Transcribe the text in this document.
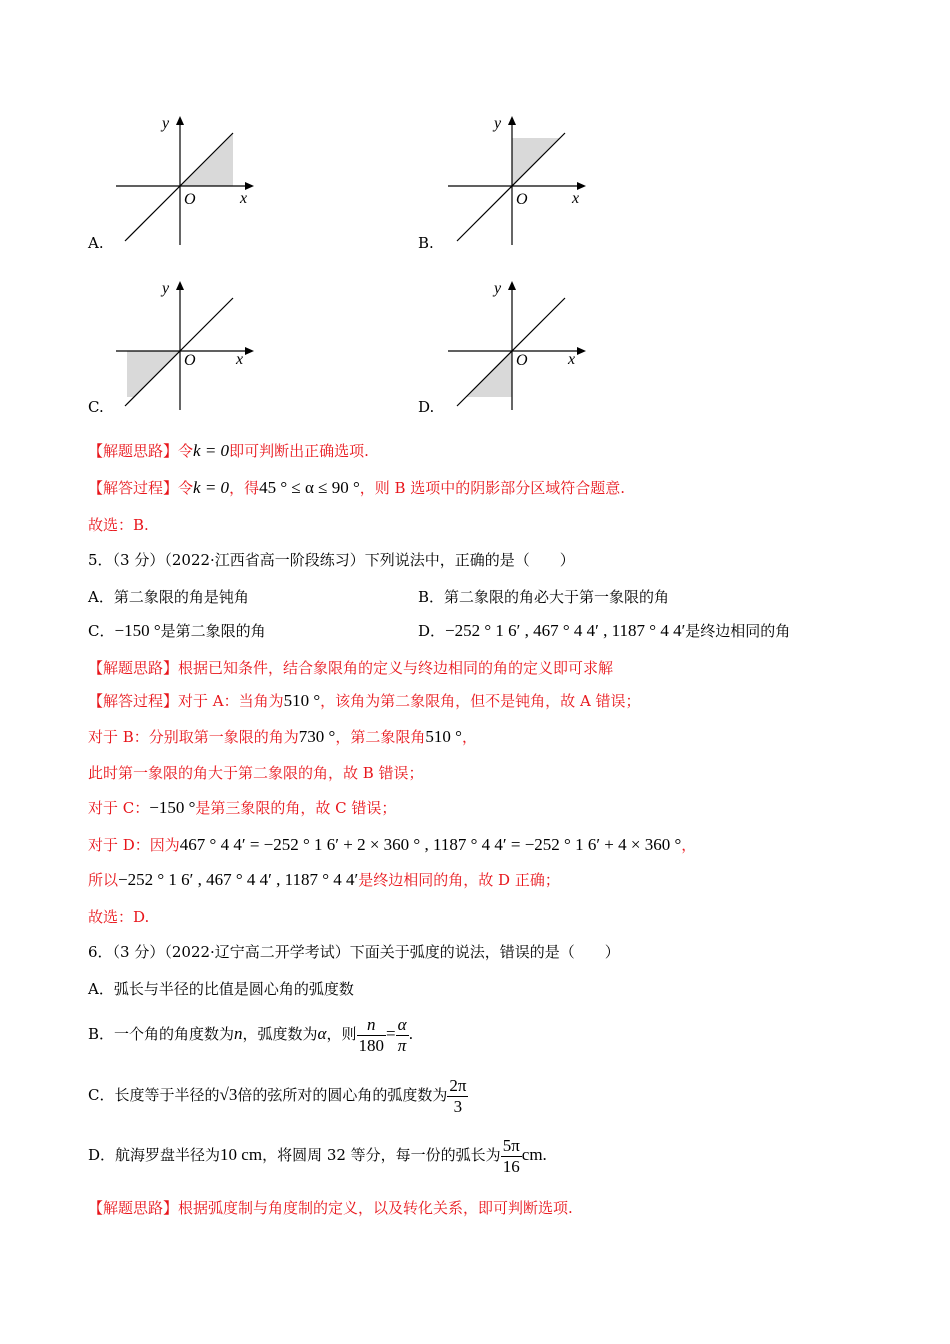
y
x
O
A.
y
x
O
B.
y
x
O
C.
y
x
O
D.
【解题思路】令k = 0即可判断出正确选项.
【解答过程】令k = 0，得45 ° ≤ α ≤ 90 °，则 B 选项中的阴影部分区域符合题意.
故选：B.
5．（3 分）（2022·江西省高一阶段练习）下列说法中，正确的是（　　）
A．第二象限的角是钝角	B．第二象限的角必大于第一象限的角
C．−150 °是第二象限的角	D．−252 ° 1 6′ , 467 ° 4 4′ , 1187 ° 4 4′是终边相同的角
【解题思路】根据已知条件，结合象限角的定义与终边相同的角的定义即可求解
【解答过程】对于 A：当角为510 °，该角为第二象限角，但不是钝角，故 A 错误；
对于 B：分别取第一象限的角为730 °，第二象限角510 °，
此时第一象限的角大于第二象限的角，故 B 错误；
对于 C：−150 °是第三象限的角，故 C 错误；
对于 D：因为467 ° 4 4′ = −252 ° 1 6′ + 2 × 360 ° , 1187 ° 4 4′ = −252 ° 1 6′ + 4 × 360 °，
所以−252 ° 1 6′ , 467 ° 4 4′ , 1187 ° 4 4′是终边相同的角，故 D 正确；
故选：D.
6．（3 分）（2022·辽宁高二开学考试）下面关于弧度的说法，错误的是（　　）
A．弧长与半径的比值是圆心角的弧度数
B．一个角的角度数为n，弧度数为α，则 $\frac{n}{180} = \frac{\alpha}{\pi}$ .
C．长度等于半径的√3倍的弦所对的圆心角的弧度数为 $\frac{2\pi}{3}$
D．航海罗盘半径为10 cm，将圆周 32 等分，每一份的弧长为 $\frac{5\pi}{16}$ cm.
【解题思路】根据弧度制与角度制的定义，以及转化关系，即可判断选项.
